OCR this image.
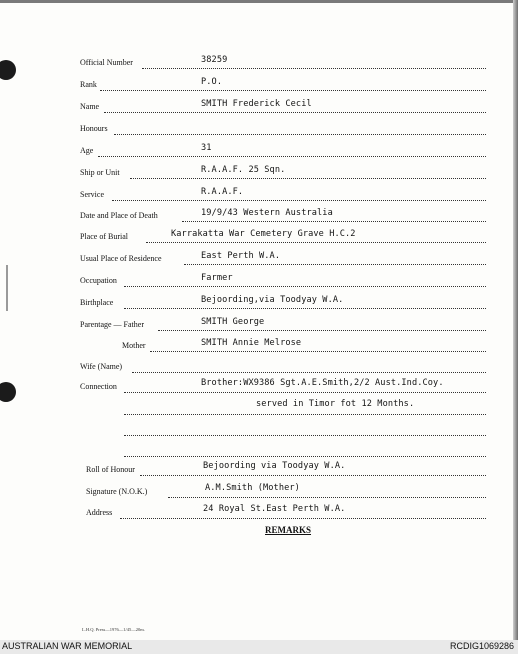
Official Number	38259
Rank	P.O.
Name	SMITH Frederick Cecil
Honours
Age	31
Ship or Unit	R.A.A.F. 25 Sqn.
Service	R.A.A.F.
Date and Place of Death	19/9/43 Western Australia
Place of Burial	Karrakatta War Cemetery Grave H.C.2
Usual Place of Residence	East Perth W.A.
Occupation	Farmer
Birthplace	Bejoording,via Toodyay W.A.
Parentage — Father	SMITH George
Mother	SMITH Annie Melrose
Wife (Name)
Connection	Brother:WX9386 Sgt.A.E.Smith,2/2 Aust.Ind.Coy.
served in Timor fot 12 Months.
Roll of Honour	Bejoording via Toodyay W.A.
Signature (N.O.K.)	A.M.Smith (Mother)
Address	24 Royal St.East Perth W.A.
REMARKS
L.H.Q. Press—1976—1/45—20m.
AUSTRALIAN WAR MEMORIAL	RCDIG1069286
